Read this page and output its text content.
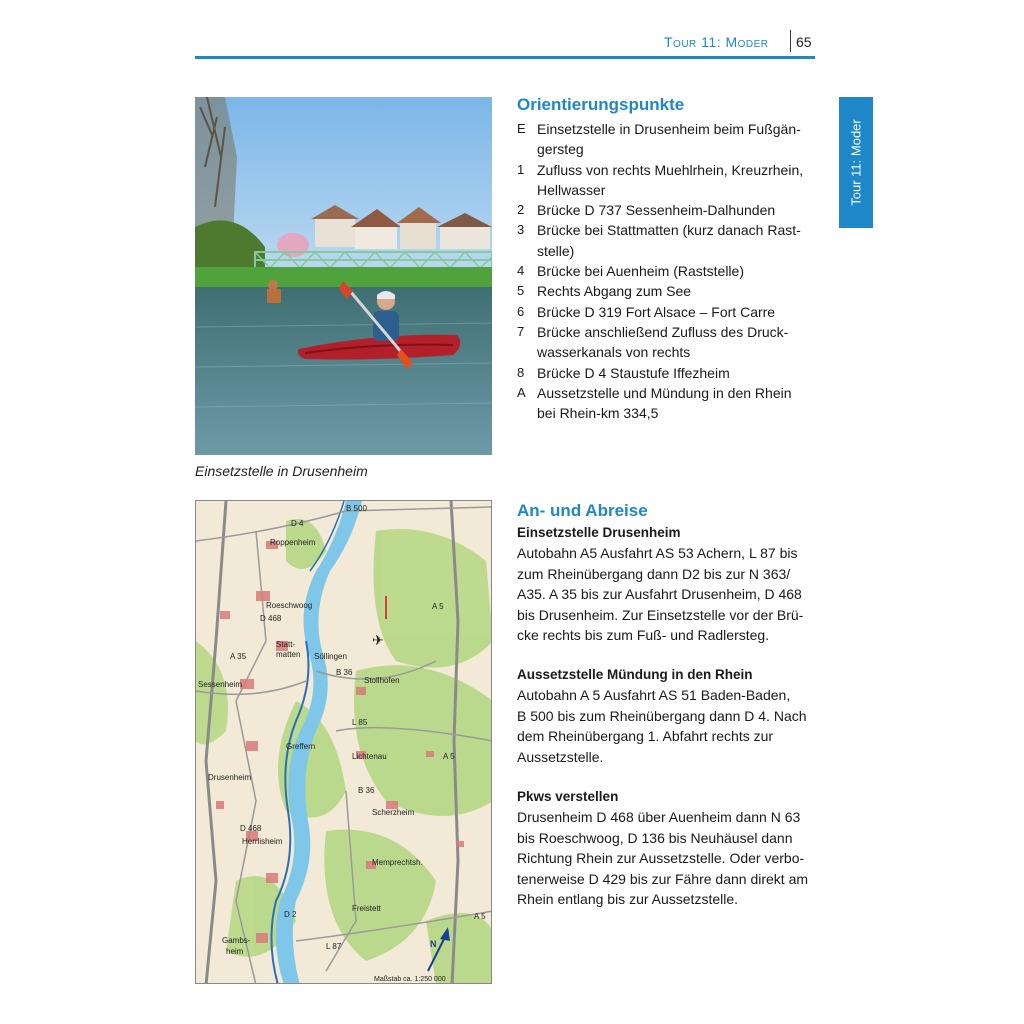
Tour 11: Moder 65
Tour 11: Moder
Einsetzstelle in Drusenheim
✈
B 500
D 4
Roppenheim
Roeschwoog
D 468
A 5
Statt-
matten Söllingen
A 35
B 36
Sessenheim	Stollhofen
L 85
Greffern
Lichtenau	A 5
Drusenheim
B 36
Scherzheim
D 468
Herrlisheim
Memprechtsh.
D 2
Freistett
A 5
Gambs-
heim
L 87	N
Maßstab ca. 1:250 000
Orientierungspunkte
E Einsetzstelle in Drusenheim beim Fußgän-
gersteg
1 Zufluss von rechts Muehlrhein, Kreuzrhein,
Hellwasser
2 Brücke D 737 Sessenheim-Dalhunden
3 Brücke bei Stattmatten (kurz danach Rast-
stelle)
4 Brücke bei Auenheim (Raststelle)
5 Rechts Abgang zum See
6 Brücke D 319 Fort Alsace – Fort Carre
7 Brücke anschließend Zufluss des Druck-
wasserkanals von rechts
8 Brücke D 4 Staustufe Iffezheim
A Aussetzstelle und Mündung in den Rhein
bei Rhein-km 334,5
An- und Abreise
Einsetzstelle Drusenheim
Autobahn A5 Ausfahrt AS 53 Achern, L 87 bis
zum Rheinübergang dann D2 bis zur N 363/
A35. A 35 bis zur Ausfahrt Drusenheim, D 468
bis Drusenheim. Zur Einsetzstelle vor der Brü-
cke rechts bis zum Fuß- und Radlersteg.
Aussetzstelle Mündung in den Rhein
Autobahn A 5 Ausfahrt AS 51 Baden-Baden,
B 500 bis zum Rheinübergang dann D 4. Nach
dem Rheinübergang 1. Abfahrt rechts zur
Aussetzstelle.
Pkws verstellen
Drusenheim D 468 über Auenheim dann N 63
bis Roeschwoog, D 136 bis Neuhäusel dann
Richtung Rhein zur Aussetzstelle. Oder verbo-
tenerweise D 429 bis zur Fähre dann direkt am
Rhein entlang bis zur Aussetzstelle.
